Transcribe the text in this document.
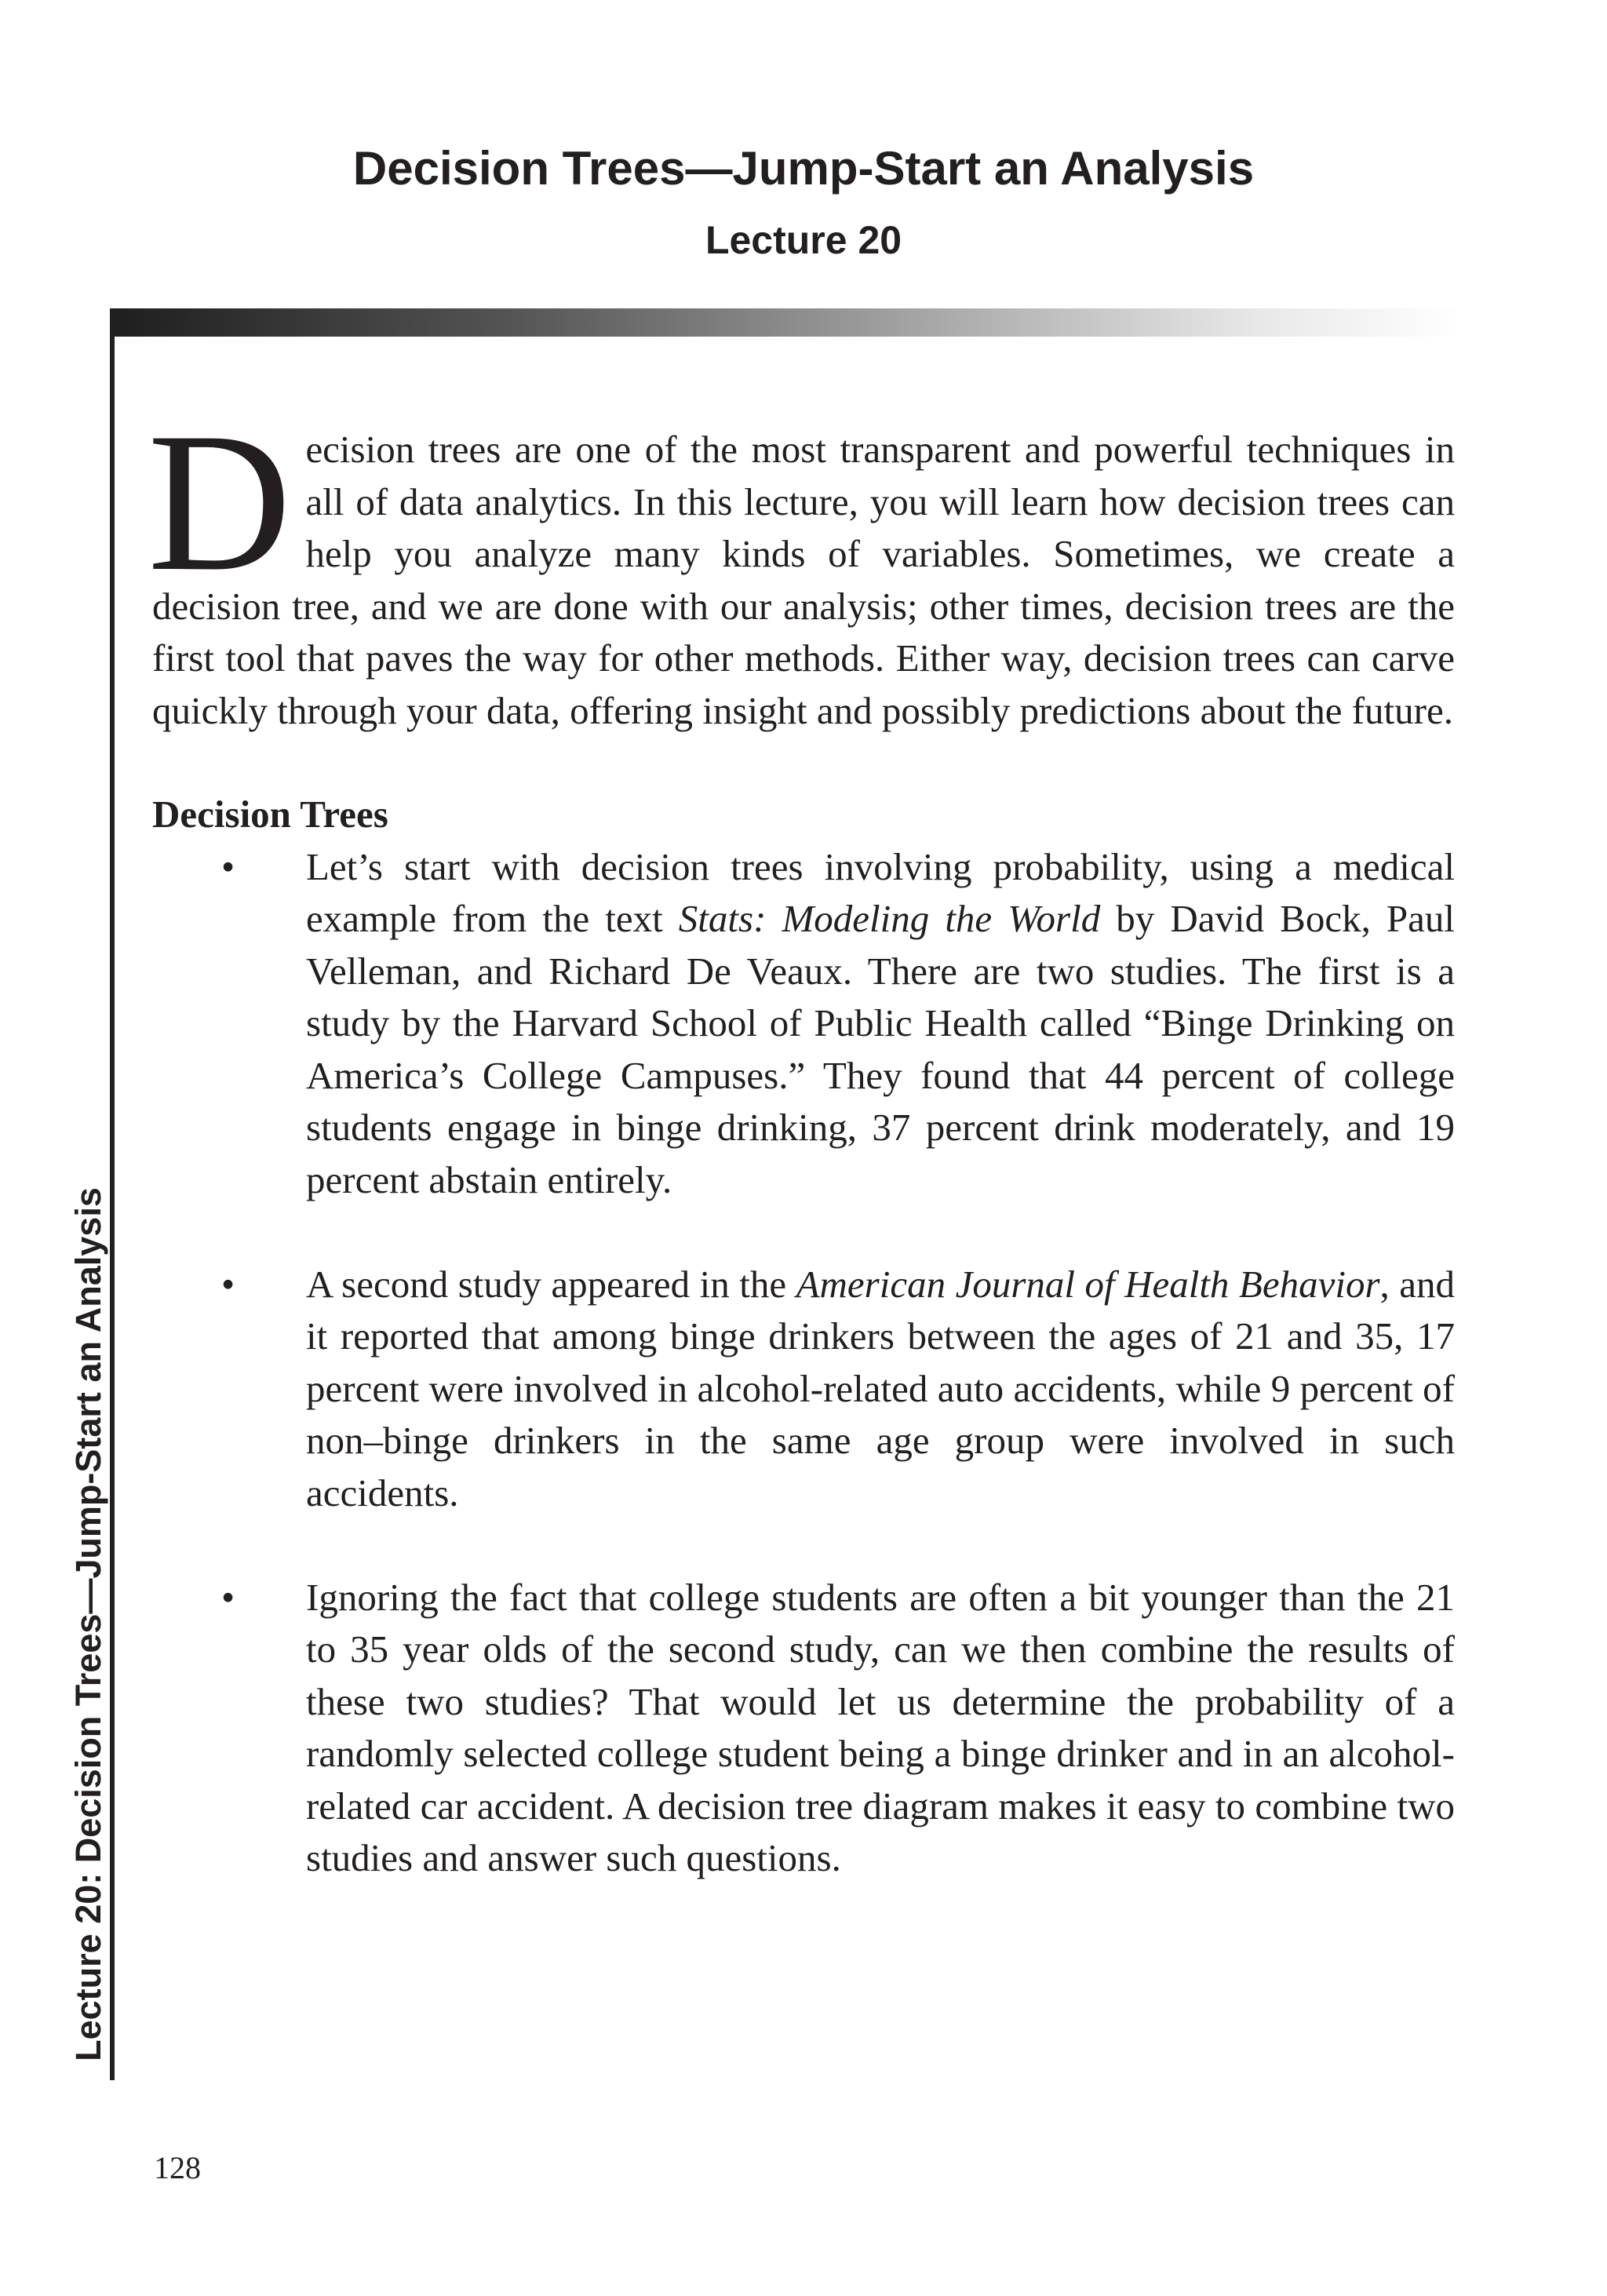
Decision Trees—Jump-Start an Analysis
Lecture 20
Lecture 20: Decision Trees—Jump-Start an Analysis

Decision trees are one of the most transparent and powerful techniques in all of data analytics. In this lecture, you will learn how decision trees can help you analyze many kinds of variables. Sometimes, we create a decision tree, and we are done with our analysis; other times, decision trees are the first tool that paves the way for other methods. Either way, decision trees can carve quickly through your data, offering insight and possibly predictions about the future.

Decision Trees
• Let’s start with decision trees involving probability, using a medical example from the text Stats: Modeling the World by David Bock, Paul Velleman, and Richard De Veaux. There are two studies. The first is a study by the Harvard School of Public Health called “Binge Drinking on America’s College Campuses.” They found that 44 percent of college students engage in binge drinking, 37 percent drink moderately, and 19 percent abstain entirely.
• A second study appeared in the American Journal of Health Behavior, and it reported that among binge drinkers between the ages of 21 and 35, 17 percent were involved in alcohol-related auto accidents, while 9 percent of non–binge drinkers in the same age group were involved in such accidents.
• Ignoring the fact that college students are often a bit younger than the 21 to 35 year olds of the second study, can we then combine the results of these two studies? That would let us determine the probability of a randomly selected college student being a binge drinker and in an alcohol-related car accident. A decision tree diagram makes it easy to combine two studies and answer such questions.
128
